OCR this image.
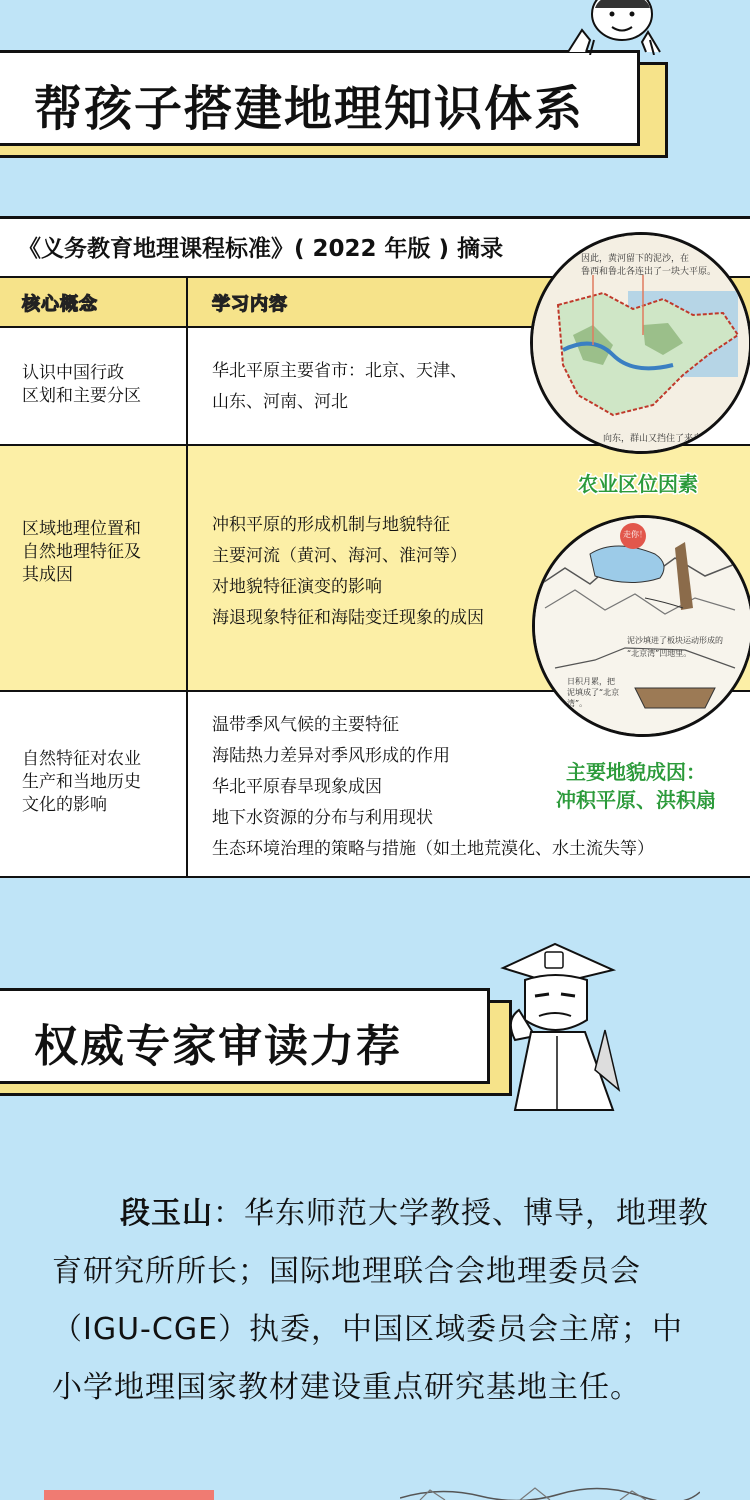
帮孩子搭建地理知识体系
《义务教育地理课程标准》( 2022 年版 ) 摘录
核心概念	学习内容
认识中国行政
区划和主要分区
华北平原主要省市：北京、天津、
山东、河南、河北
区域地理位置和
自然地理特征及
其成因
冲积平原的形成机制与地貌特征
主要河流（黄河、海河、淮河等）
对地貌特征演变的影响
海退现象特征和海陆变迁现象的成因
自然特征对农业
生产和当地历史
文化的影响
温带季风气候的主要特征
海陆热力差异对季风形成的作用
华北平原春旱现象成因
地下水资源的分布与利用现状
生态环境治理的策略与措施（如土地荒漠化、水土流失等）
因此，黄河留下的泥沙，在
鲁西和鲁北各连出了一块大平原。
向东，群山又挡住了来自海洋的丰沛
农业区位因素
走你！
泥沙填进了板块运动形成的
“北京湾”凹地里。
日积月累，把
泥填成了“北京
湾”。
主要地貌成因：
冲积平原、洪积扇
权威专家审读力荐
段玉山：华东师范大学教授、博导，地理教育研究所所长；国际地理联合会地理委员会（IGU-CGE）执委，中国区域委员会主席；中小学地理国家教材建设重点研究基地主任。
